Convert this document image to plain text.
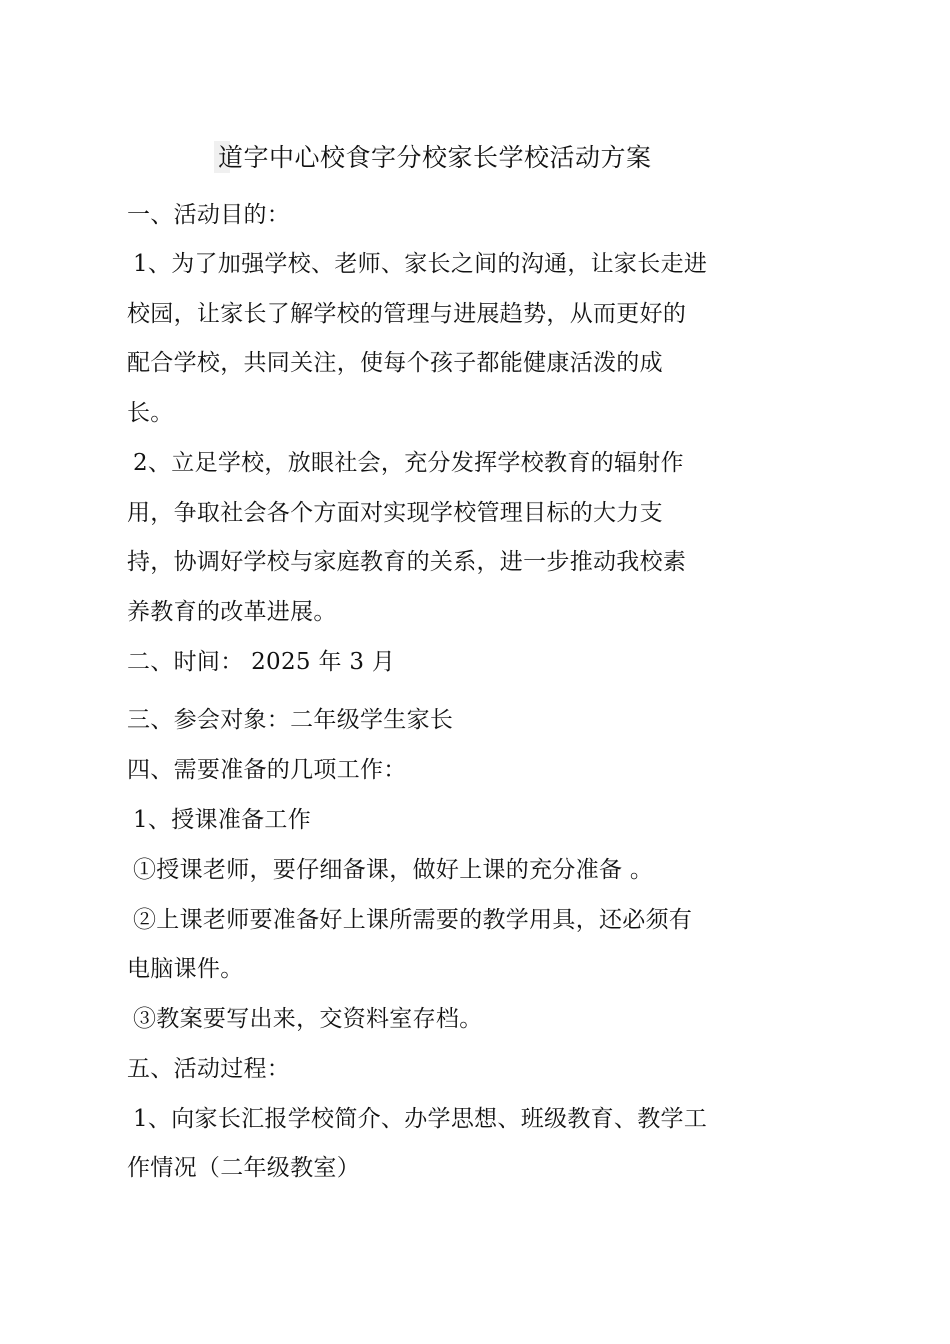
道字中心校食字分校家长学校活动方案
一、活动目的：
1、为了加强学校、老师、家长之间的沟通，让家长走进
校园，让家长了解学校的管理与进展趋势，从而更好的
配合学校，共同关注，使每个孩子都能健康活泼的成
长。
2、立足学校，放眼社会，充分发挥学校教育的辐射作
用，争取社会各个方面对实现学校管理目标的大力支
持，协调好学校与家庭教育的关系，进一步推动我校素
养教育的改革进展。
二、时间： 2025 年 3 月
三、参会对象：二年级学生家长
四、需要准备的几项工作：
1、授课准备工作
①授课老师，要仔细备课，做好上课的充分准备 。
②上课老师要准备好上课所需要的教学用具，还必须有
电脑课件。
③教案要写出来，交资料室存档。
五、活动过程：
1、向家长汇报学校简介、办学思想、班级教育、教学工
作情况（二年级教室）
